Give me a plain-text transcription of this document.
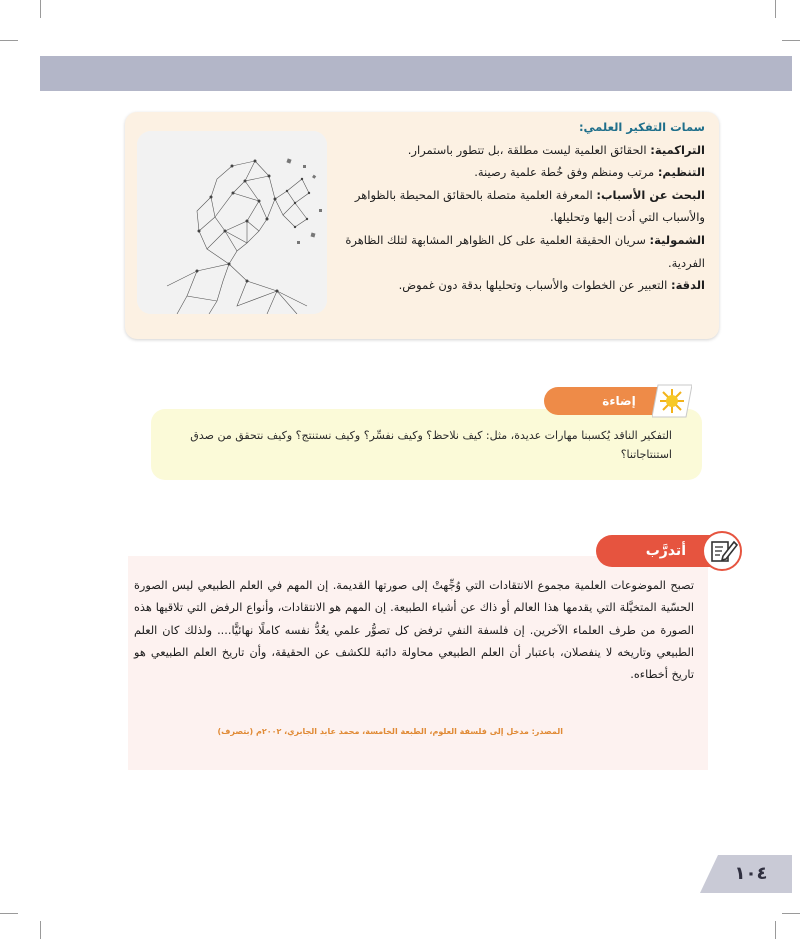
سمات التفكير العلمي:
التراكمية: الحقائق العلمية ليست مطلقة ،بل تتطور باستمرار.
التنظيم: مرتب ومنظم وفق خُطة علمية رصينة.
البحث عن الأسباب: المعرفة العلمية متصلة بالحقائق المحيطة بالظواهر والأسباب التي أدت إليها وتحليلها.
الشمولية: سريان الحقيقة العلمية على كل الظواهر المشابهة لتلك الظاهرة الفردية.
الدقة: التعبير عن الخطوات والأسباب وتحليلها بدقة دون غموض.
التفكير الناقد يُكسبنا مهارات عديدة، مثل: كيف نلاحظ؟ وكيف نفسِّر؟ وكيف نستنتج؟ وكيف نتحقق من صدق استنتاجاتنا؟
إضاءة
تصبح الموضوعات العلمية مجموع الانتقادات التي وُجِّهتْ إلى صورتها القديمة. إن المهم في العلم الطبيعي ليس الصورة الحسّية المتخيَّلة التي يقدمها هذا العالم أو ذاك عن أشياء الطبيعة. إن المهم هو الانتقادات، وأنواع الرفض التي تلاقيها هذه الصورة من طرف العلماء الآخرين. إن فلسفة النفي ترفض كل تصوُّر علمي يعُدُّ نفسه كاملًا نهائيًّا.... ولذلك كان العلم الطبيعي وتاريخه لا ينفصلان، باعتبار أن العلم الطبيعي محاولة دائبة للكشف عن الحقيقة، وأن تاريخ العلم الطبيعي هو تاريخ أخطاءه.
المصدر: مدخل إلى فلسفة العلوم، الطبعة الخامسة، محمد عابد الجابري، ٢٠٠٢م (بتصرف)
أتدرَّب
١٠٤
